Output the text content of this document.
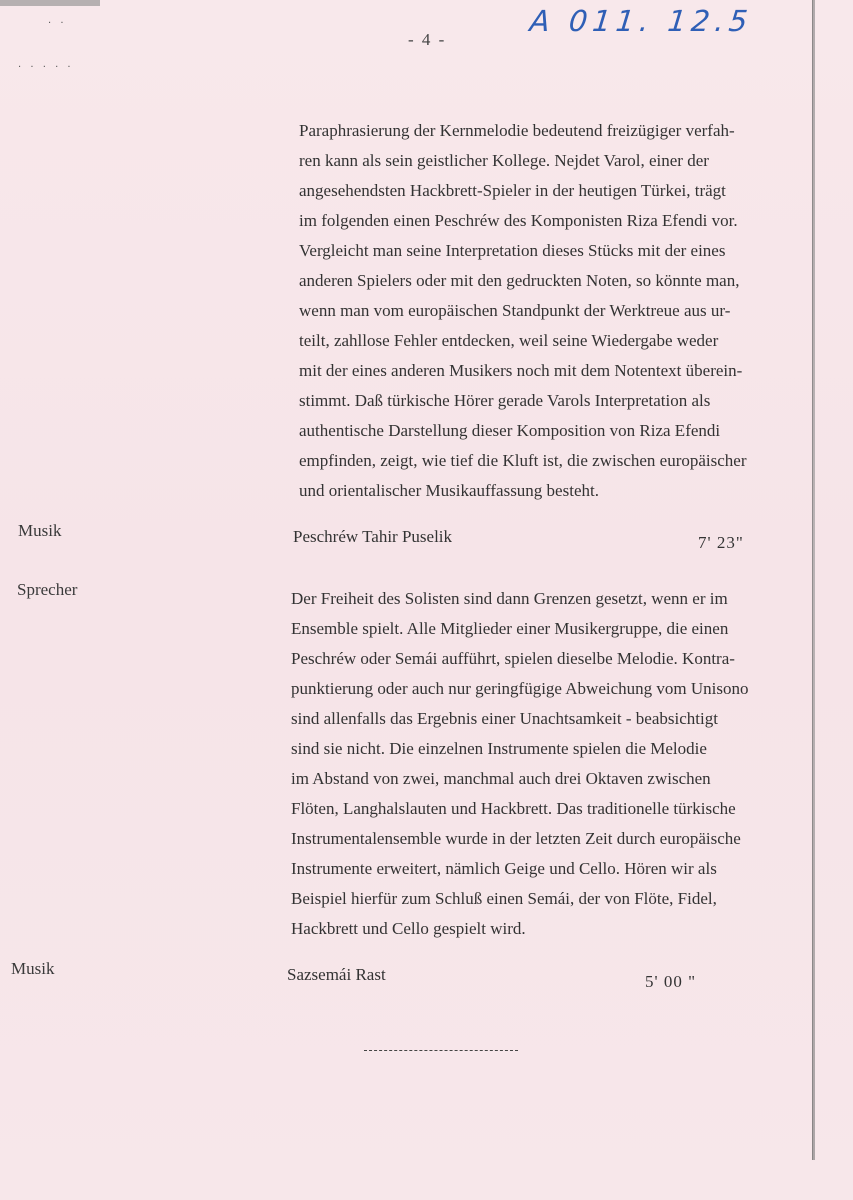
· ·
· · · · ·
- 4 -
A 011. 12.5
Paraphrasierung der Kernmelodie bedeutend freizügiger verfah-
ren kann als sein geistlicher Kollege. Nejdet Varol, einer der
angesehendsten Hackbrett-Spieler in der heutigen Türkei, trägt
im folgenden einen Peschréw des Komponisten Riza Efendi vor.
Vergleicht man seine Interpretation dieses Stücks mit der eines
anderen Spielers oder mit den gedruckten Noten, so könnte man,
wenn man vom europäischen Standpunkt der Werktreue aus ur-
teilt, zahllose Fehler entdecken, weil seine Wiedergabe weder
mit der eines anderen Musikers noch mit dem Notentext überein-
stimmt. Daß türkische Hörer gerade Varols Interpretation als
authentische Darstellung dieser Komposition von Riza Efendi
empfinden, zeigt, wie tief die Kluft ist, die zwischen europäischer
und orientalischer Musikauffassung besteht.
Musik	Peschréw Tahir Puselik	7' 23"
Sprecher	Der Freiheit des Solisten sind dann Grenzen gesetzt, wenn er im
Ensemble spielt. Alle Mitglieder einer Musikergruppe, die einen
Peschréw oder Semái aufführt, spielen dieselbe Melodie. Kontra-
punktierung oder auch nur geringfügige Abweichung vom Unisono
sind allenfalls das Ergebnis einer Unachtsamkeit - beabsichtigt
sind sie nicht. Die einzelnen Instrumente spielen die Melodie
im Abstand von zwei, manchmal auch drei Oktaven zwischen
Flöten, Langhalslauten und Hackbrett. Das traditionelle türkische
Instrumentalensemble wurde in der letzten Zeit durch europäische
Instrumente erweitert, nämlich Geige und Cello. Hören wir als
Beispiel hierfür zum Schluß einen Semái, der von Flöte, Fidel,
Hackbrett und Cello gespielt wird.
Musik	Sazsemái Rast	5' 00 "
